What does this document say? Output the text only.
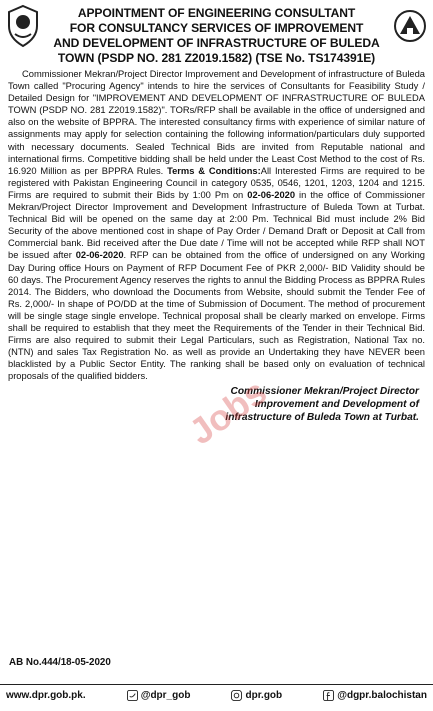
APPOINTMENT OF ENGINEERING CONSULTANT
FOR CONSULTANCY SERVICES OF IMPROVEMENT
AND DEVELOPMENT OF INFRASTRUCTURE OF BULEDA
TOWN (PSDP NO. 281 Z2019.1582) (TSE No. TS174391E)

Commissioner Mekran/Project Director Improvement and Development of infrastructure of Buleda Town called "Procuring Agency" intends to hire the services of Consultants for Feasibility Study / Detailed Design for "IMPROVEMENT AND DEVELOPMENT OF INFRASTRUCTURE OF BULEDA TOWN (PSDP NO. 281 Z2019.1582)". TORs/RFP shall be available in the office of undersigned and also on the website of BPPRA. The interested consultancy firms with experience of similar nature of assignments may apply for selection containing the following information/particulars duly supported with necessary documents. Sealed Technical Bids are invited from Reputable national and international firms. Competitive bidding shall be held under the Least Cost Method to the cost of Rs. 16.920 Million as per BPPRA Rules. Terms & Conditions:All Interested Firms are required to be registered with Pakistan Engineering Council in category 0535, 0546, 1201, 1203, 1204 and 1215. Firms are required to submit their Bids by 1:00 Pm on 02-06-2020 in the office of Commissioner Mekran/Project Director Improvement and Development Infrastructure of Buleda Town at Turbat. Technical Bid will be opened on the same day at 2:00 Pm. Technical Bid must include 2% Bid Security of the above mentioned cost in shape of Pay Order / Demand Draft or Deposit at Call from Commercial bank. Bid received after the Due date / Time will not be accepted while RFP shall NOT be issued after 02-06-2020. RFP can be obtained from the office of undersigned on any Working Day During office Hours on Payment of RFP Document Fee of PKR 2,000/- BID Validity should be 60 days. The Procurement Agency reserves the rights to annul the Bidding Process as BPPRA Rules 2014. The Bidders, who download the Documents from Website, should submit the Tender Fee of Rs. 2,000/- In shape of PO/DD at the time of Submission of Document. The method of procurement will be single stage single envelope. Technical proposal shall be clearly marked on envelope. Firms shall be required to establish that they meet the Requirements of the Tender in their Technical Bid. Firms are also required to submit their Legal Particulars, such as Registration, National Tax no. (NTN) and sales Tax Registration No. as well as provide an Undertaking they have NEVER been blacklisted by a Public Sector Entity. The ranking shall be based only on evaluation of technical proposals of the qualified bidders. Jobs
Commissioner Mekran/Project Director
Improvement and Development of
infrastructure of Buleda Town at Turbat.
AB No.444/18-05-2020
www.dpr.gob.pk.	@dpr_gob	dpr.gob	@dgpr.balochistan
